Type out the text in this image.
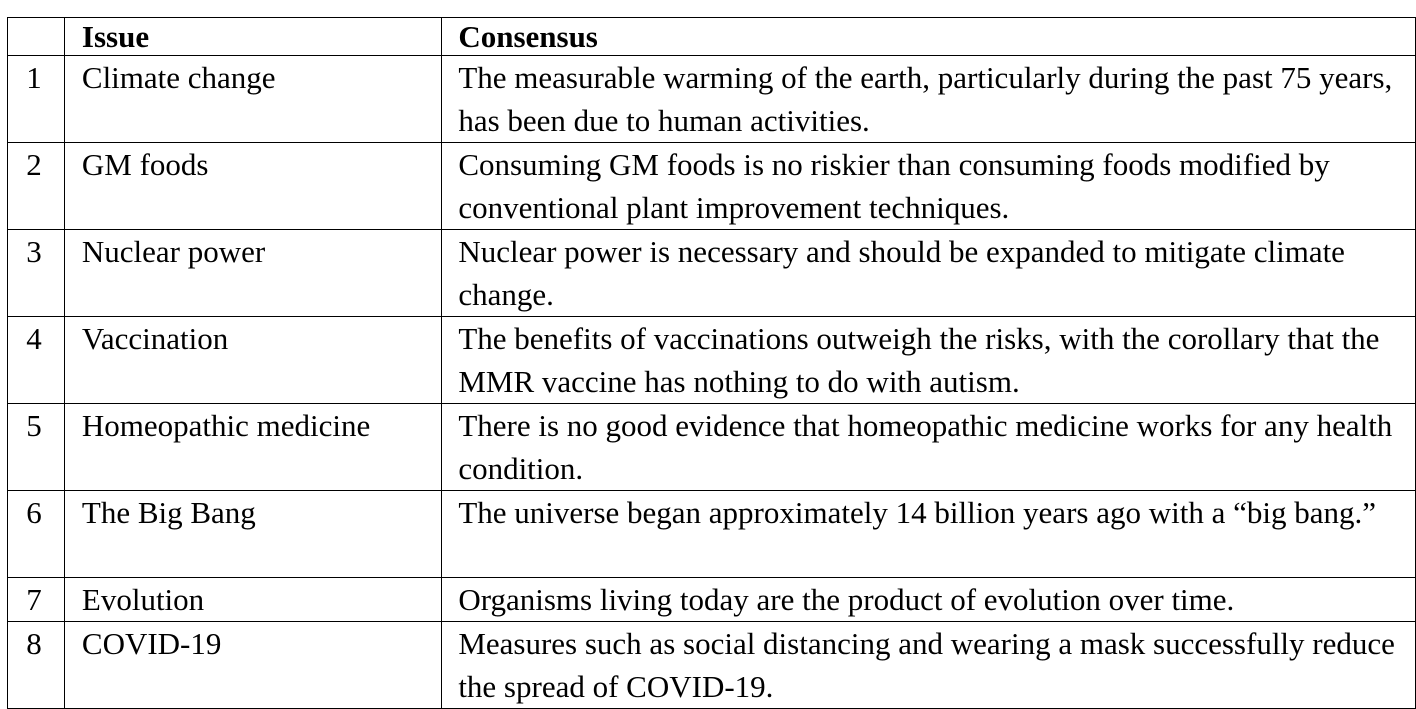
	Issue	Consensus
1	Climate change	The measurable warming of the earth, particularly during the past 75 years, has been due to human activities.
2	GM foods	Consuming GM foods is no riskier than consuming foods modified by conventional plant improvement techniques.
3	Nuclear power	Nuclear power is necessary and should be expanded to mitigate climate change.
4	Vaccination	The benefits of vaccinations outweigh the risks, with the corollary that the MMR vaccine has nothing to do with autism.
5	Homeopathic medicine	There is no good evidence that homeopathic medicine works for any health condition.
6	The Big Bang	The universe began approximately 14 billion years ago with a “big bang.”
7	Evolution	Organisms living today are the product of evolution over time.
8	COVID-19	Measures such as social distancing and wearing a mask successfully reduce the spread of COVID-19.
